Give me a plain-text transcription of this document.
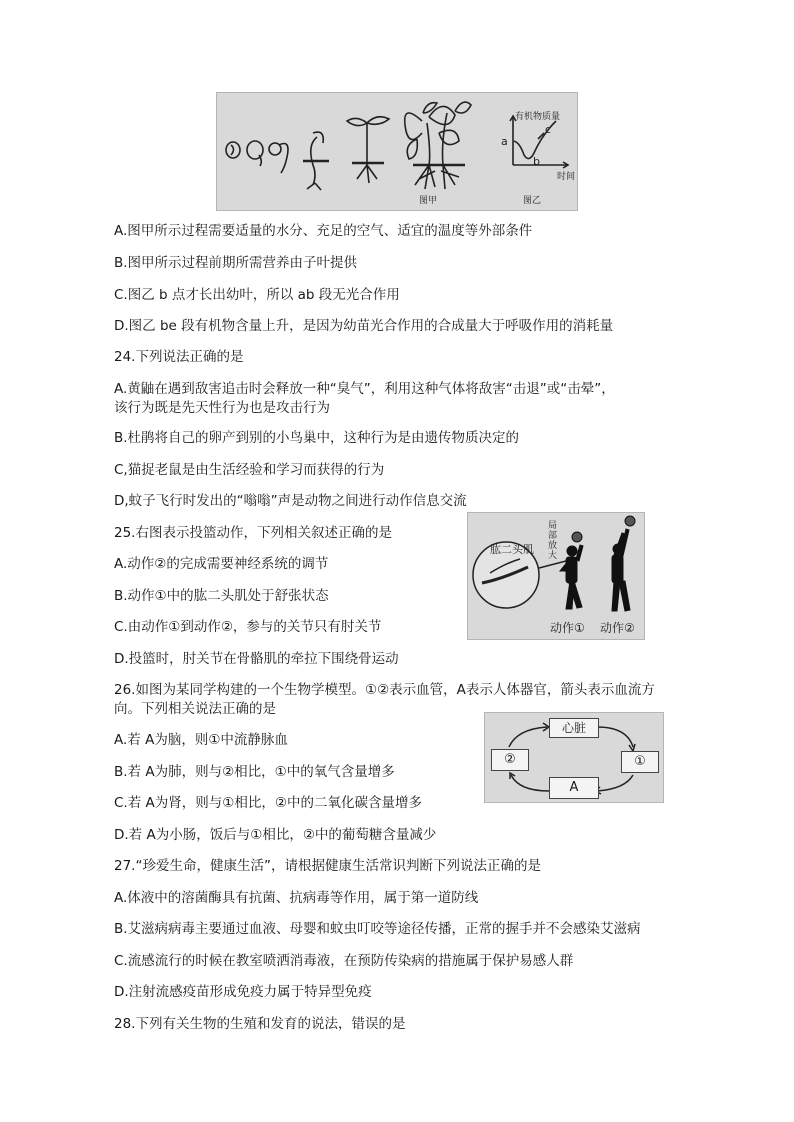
图甲	图乙
有机物质量
时间
a
b
c
A.图甲所示过程需要适量的水分、充足的空气、适宜的温度等外部条件
B.图甲所示过程前期所需营养由子叶提供
C.图乙 b 点才长出幼叶，所以 ab 段无光合作用
D.图乙 be 段有机物含量上升，是因为幼苗光合作用的合成量大于呼吸作用的消耗量
24.下列说法正确的是
A.黄鼬在遇到敌害追击时会释放一种“臭气”，利用这种气体将敌害“击退”或“击晕”，
该行为既是先天性行为也是攻击行为
B.杜鹃将自己的卵产到别的小鸟巢中，这种行为是由遗传物质决定的
C,猫捉老鼠是由生活经验和学习而获得的行为
D,蚊子飞行时发出的“嗡嗡”声是动物之间进行动作信息交流
25.右图表示投篮动作，下列相关叙述正确的是
A.动作②的完成需要神经系统的调节
B.动作①中的肱二头肌处于舒张状态
C.由动作①到动作②，参与的关节只有肘关节
D.投篮时，肘关节在骨骼肌的牵拉下围绕骨运动
肱二头肌
局部放大
动作① 动作②
26.如图为某同学构建的一个生物学模型。①②表示血管，A表示人体器官，箭头表示血流方
向。下列相关说法正确的是
A.若 A为脑，则①中流静脉血
B.若 A为肺，则与②相比，①中的氧气含量增多
C.若 A为肾，则与①相比，②中的二氧化碳含量增多
D.若 A为小肠，饭后与①相比，②中的葡萄糖含量减少
心脏
②	①
A
27.“珍爱生命，健康生活”，请根据健康生活常识判断下列说法正确的是
A.体液中的溶菌酶具有抗菌、抗病毒等作用，属于第一道防线
B.艾滋病病毒主要通过血液、母婴和蚊虫叮咬等途径传播，正常的握手并不会感染艾滋病
C.流感流行的时候在教室喷洒消毒液，在预防传染病的措施属于保护易感人群
D.注射流感疫苗形成免疫力属于特异型免疫
28.下列有关生物的生殖和发育的说法，错误的是
